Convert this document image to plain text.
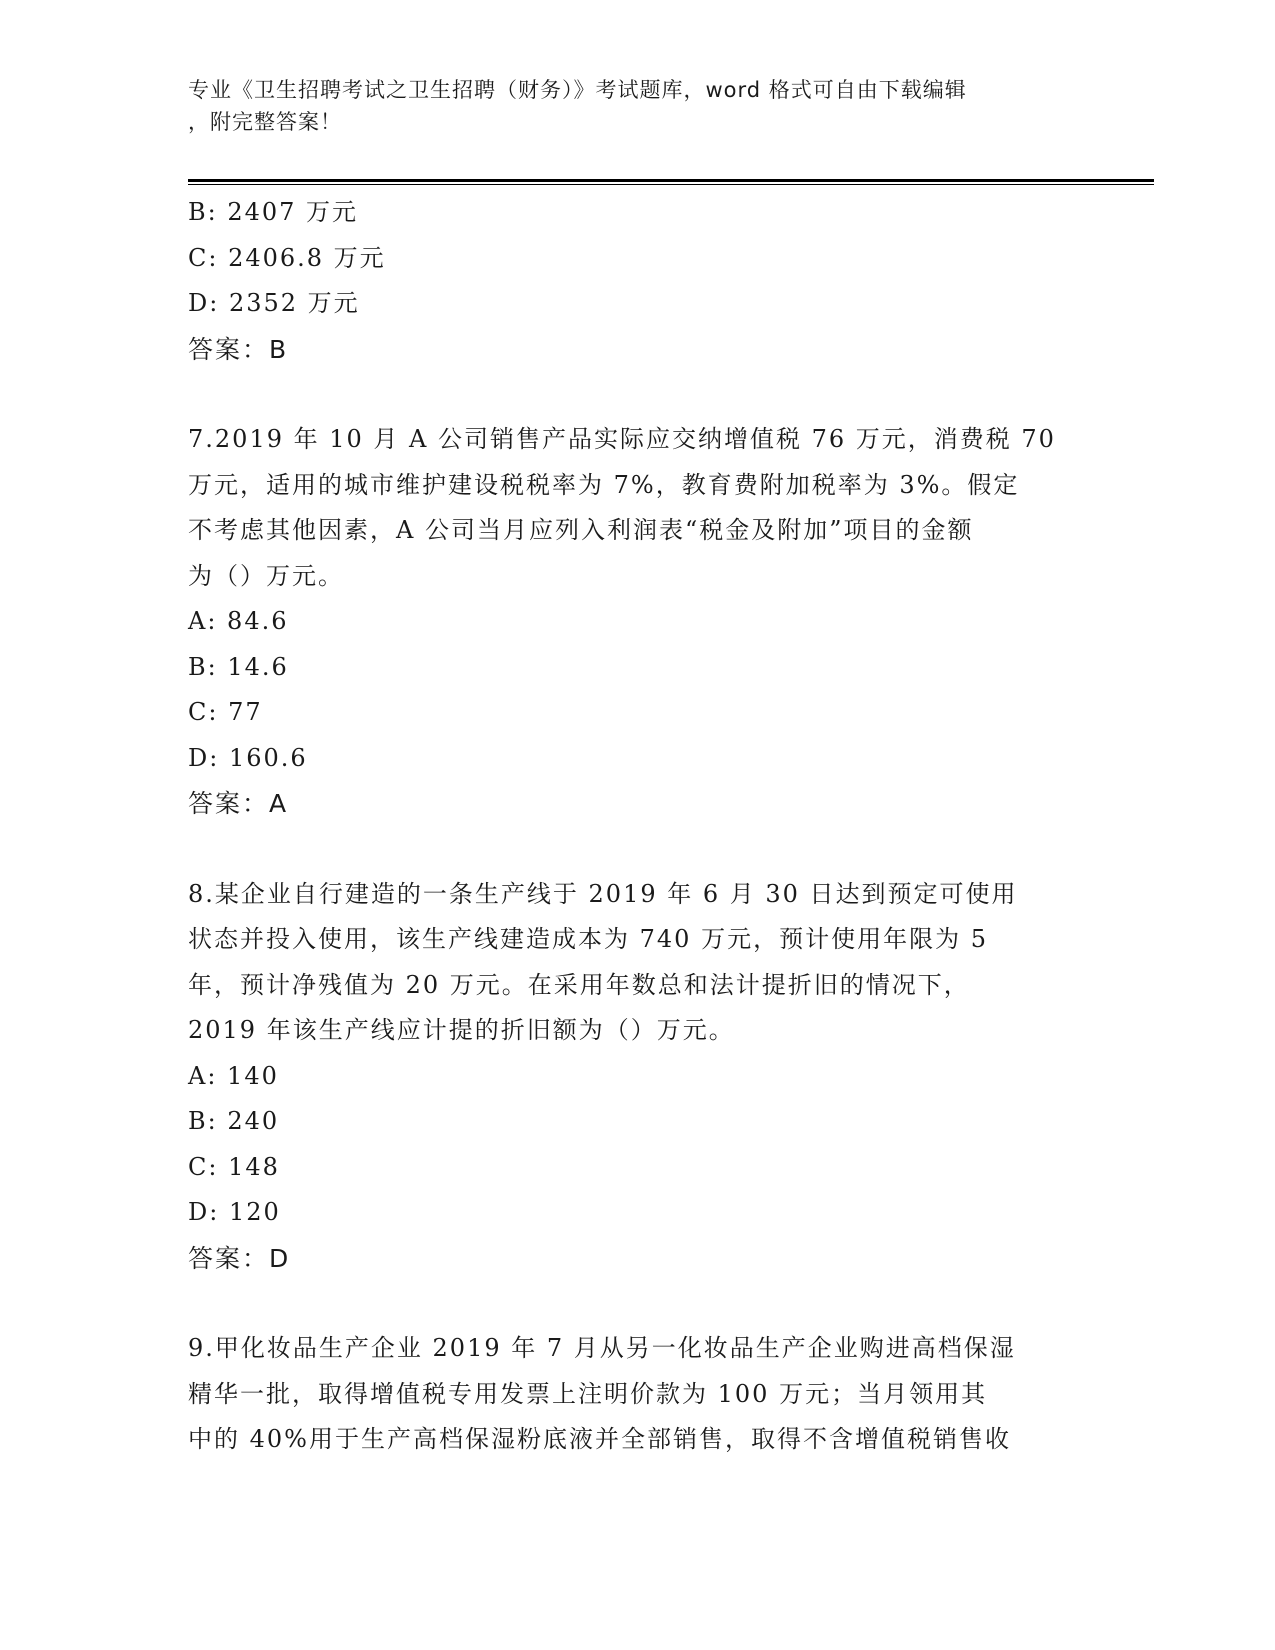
专业《卫生招聘考试之卫生招聘（财务）》考试题库，word 格式可自由下载编辑
，附完整答案！
B: 2407 万元
C: 2406.8 万元
D: 2352 万元
答案：B
7.2019 年 10 月 A 公司销售产品实际应交纳增值税 76 万元，消费税 70
万元，适用的城市维护建设税税率为 7%，教育费附加税率为 3%。假定
不考虑其他因素，A 公司当月应列入利润表“税金及附加”项目的金额
为（）万元。
A: 84.6
B: 14.6
C: 77
D: 160.6
答案：A
8.某企业自行建造的一条生产线于 2019 年 6 月 30 日达到预定可使用
状态并投入使用，该生产线建造成本为 740 万元，预计使用年限为 5
年，预计净残值为 20 万元。在采用年数总和法计提折旧的情况下，
2019 年该生产线应计提的折旧额为（）万元。
A: 140
B: 240
C: 148
D: 120
答案：D
9.甲化妆品生产企业 2019 年 7 月从另一化妆品生产企业购进高档保湿
精华一批，取得增值税专用发票上注明价款为 100 万元；当月领用其
中的 40%用于生产高档保湿粉底液并全部销售，取得不含增值税销售收
